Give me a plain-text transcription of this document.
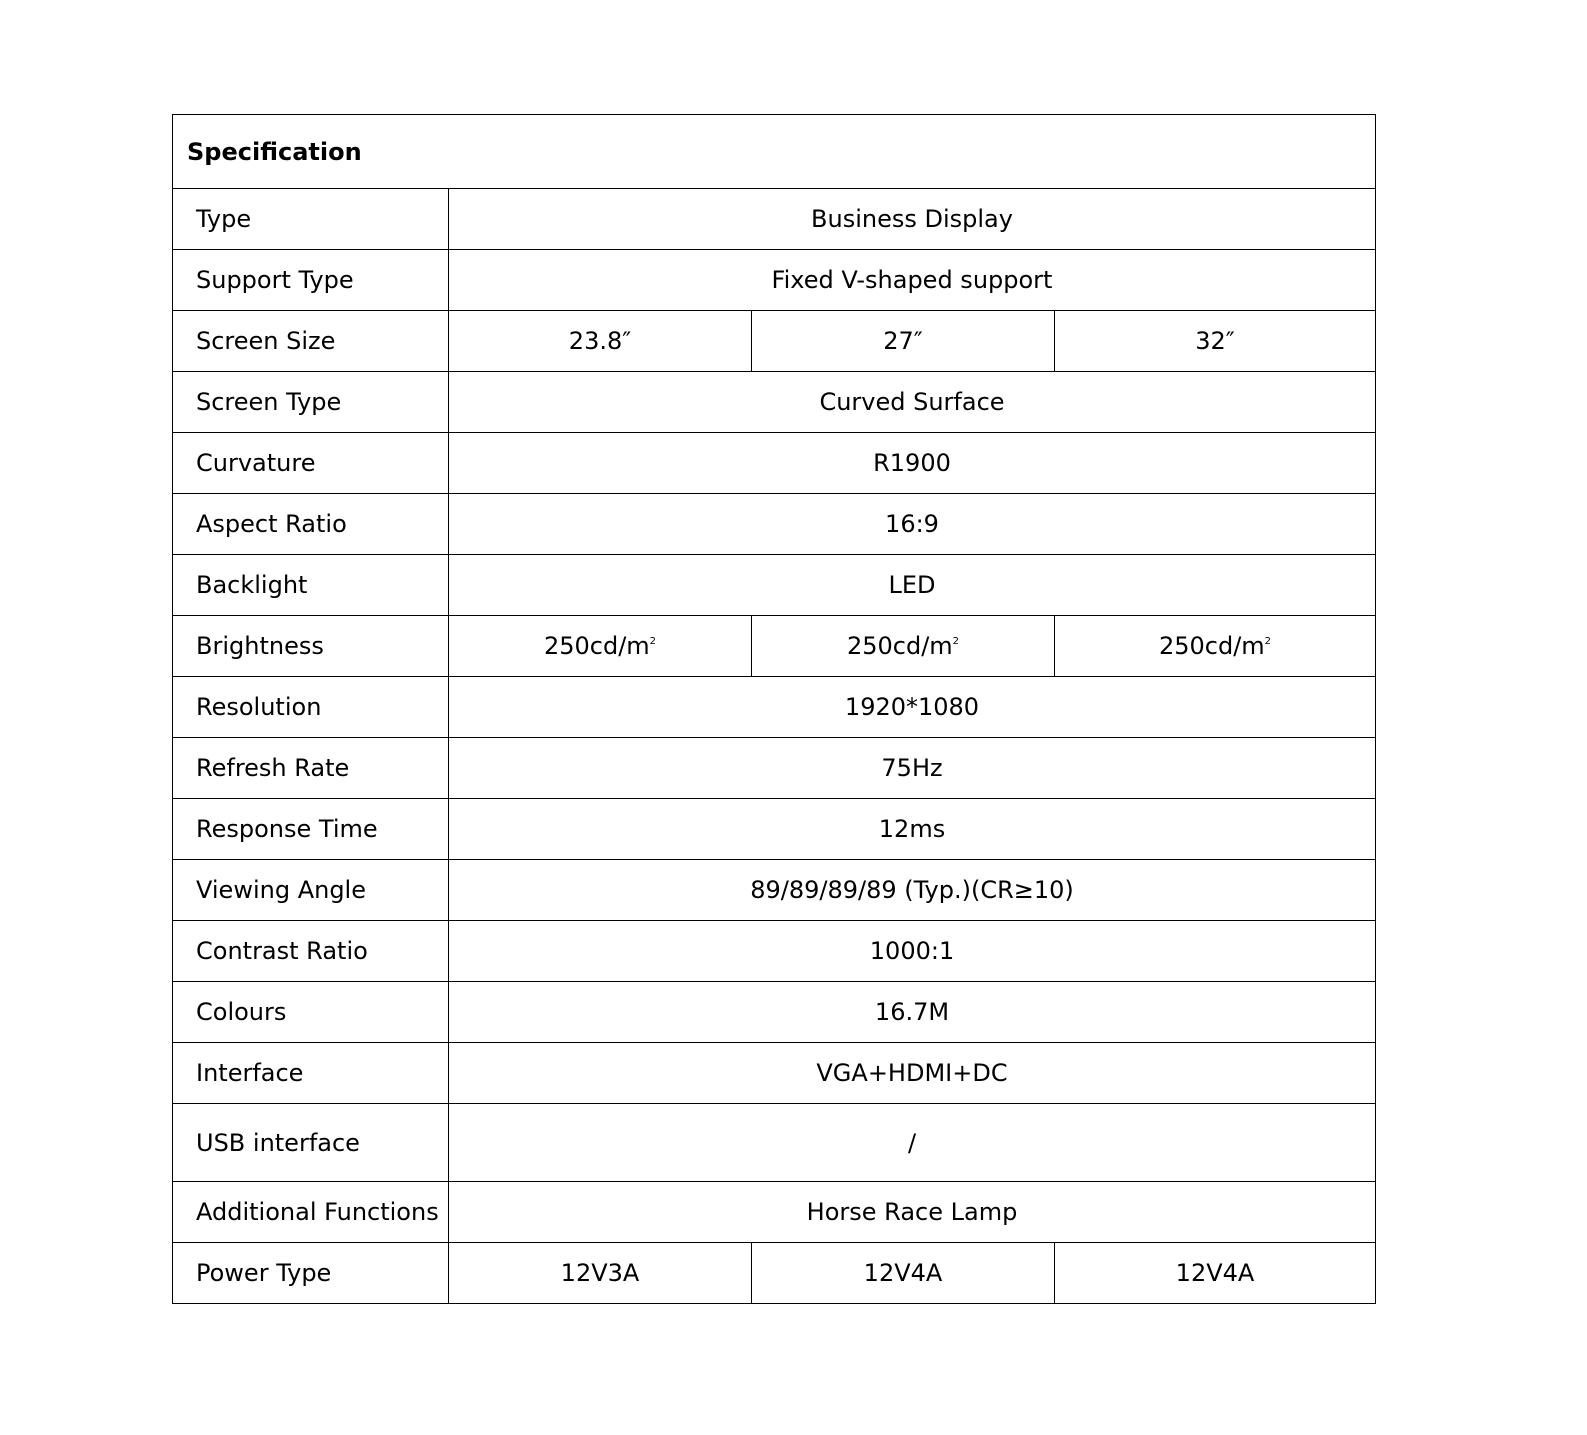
Specification			
Type	Business Display		
Support Type	Fixed V-shaped support		
Screen Size	23.8″	27″	32″
Screen Type	Curved Surface		
Curvature	R1900		
Aspect Ratio	16:9		
Backlight	LED		
Brightness	$250cd/m^2$	$250cd/m^2$	$250cd/m^2$
Resolution	1920*1080		
Refresh Rate	75Hz		
Response Time	12ms		
Viewing Angle	89/89/89/89 (Typ.)(CR≥10)		
Contrast Ratio	1000:1		
Colours	16.7M		
Interface	VGA+HDMI+DC		
USB interface	/		
Additional Functions	Horse Race Lamp		
Power Type	12V3A	12V4A	12V4A
